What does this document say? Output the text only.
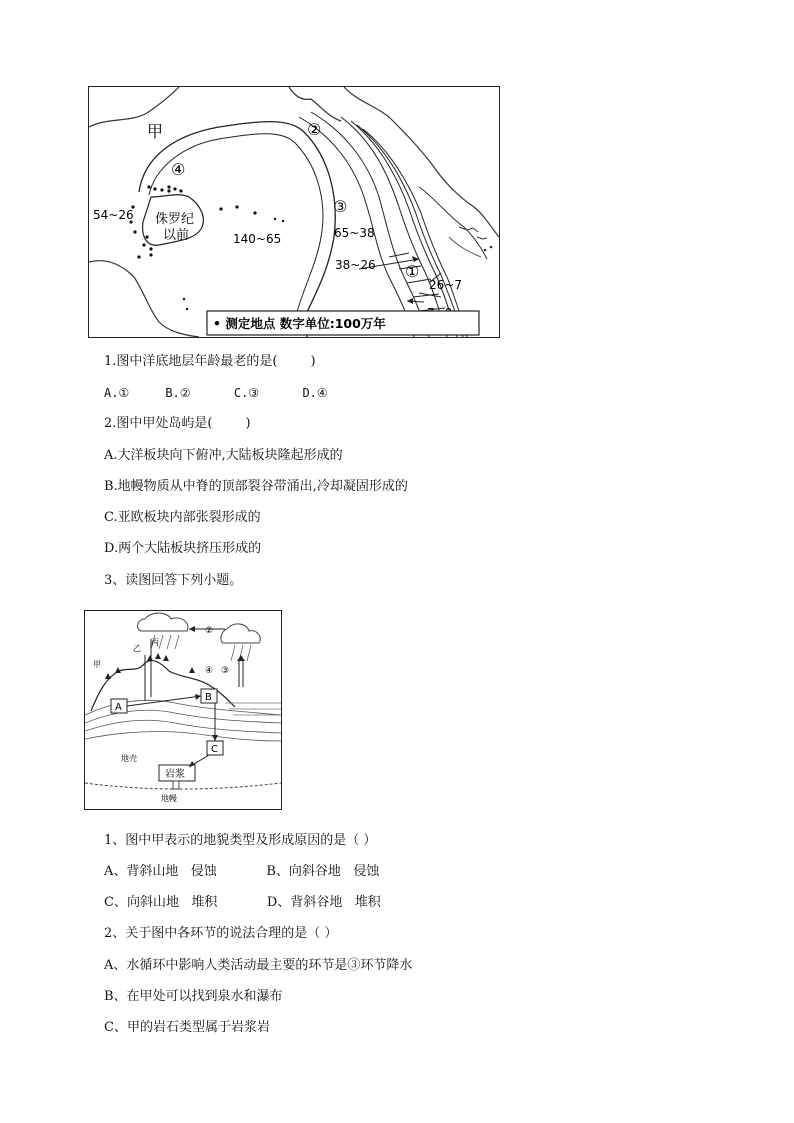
甲
④
②
③
①
54~26 侏罗纪
以前	140~65	65~38
38~26
26~7
• 测定地点 数字单位:100万年
1.图中洋底地层年龄最老的是(        )
A.①     B.②      C.③      D.④
2.图中甲处岛屿是(        )
A.大洋板块向下俯冲,大陆板块隆起形成的
B.地幔物质从中脊的顶部裂谷带涌出,冷却凝固形成的
C.亚欧板块内部张裂形成的
D.两个大陆板块挤压形成的
3、读图回答下列小题。
②
③
④
A
B
C
岩浆
甲
乙
丙
地壳
地幔
1、图中甲表示的地貌类型及形成原因的是（ ）
A、背斜山地   侵蚀            B、向斜谷地   侵蚀
C、向斜山地   堆积            D、背斜谷地   堆积
2、关于图中各环节的说法合理的是（ ）
A、水循环中影响人类活动最主要的环节是③环节降水
B、在甲处可以找到泉水和瀑布
C、甲的岩石类型属于岩浆岩
